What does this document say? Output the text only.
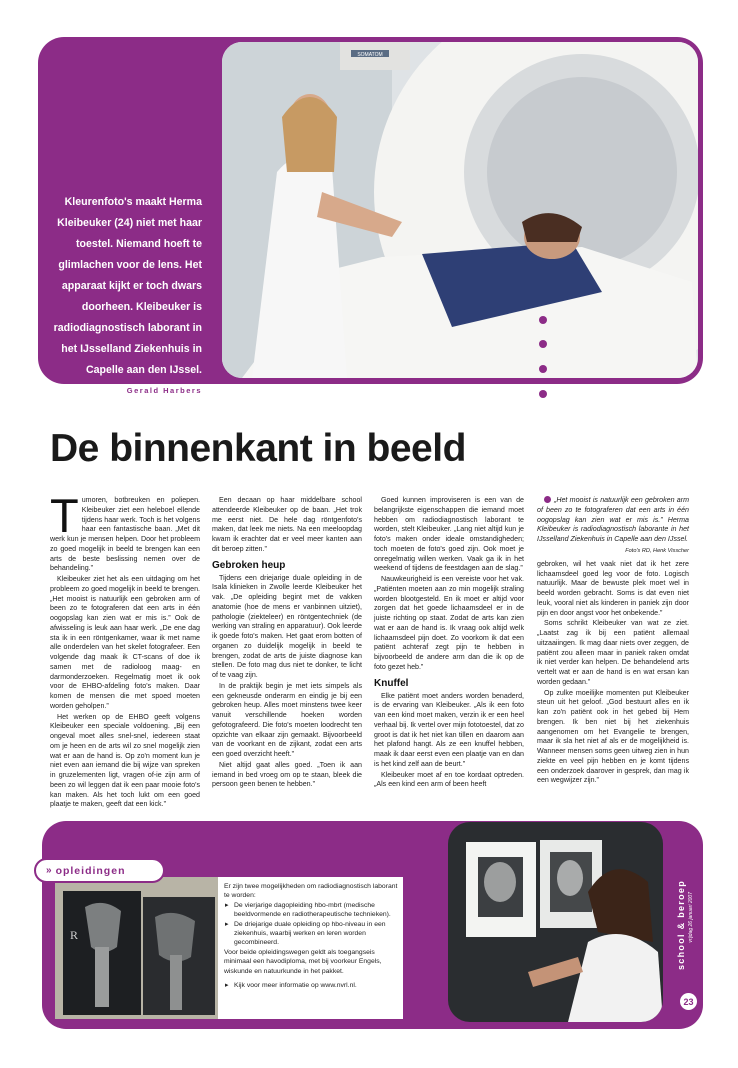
SOMATOM
Kleurenfoto's maakt Herma Kleibeuker (24) niet met haar toestel. Niemand hoeft te glimlachen voor de lens. Het apparaat kijkt er toch dwars doorheen. Kleibeuker is radiodiagnostisch laborant in het IJsselland Ziekenhuis in Capelle aan den IJssel.
Gerald Harbers
De binnenkant in beeld

Tumoren, botbreuken en poliepen. Kleibeuker ziet een heleboel ellende tijdens haar werk. Toch is het volgens haar een fantastische baan. „Met dit werk kun je mensen helpen. Door het probleem zo goed mogelijk in beeld te brengen kan een arts de beste beslissing nemen over de behandeling.”

Kleibeuker ziet het als een uitdaging om het probleem zo goed mogelijk in beeld te brengen. „Het mooist is natuurlijk een gebroken arm of been zo te fotograferen dat een arts in één oogopslag kan zien wat er mis is.” Ook de afwisseling is leuk aan haar werk. „De ene dag sta ik in een röntgenkamer, waar ik met name alle onderdelen van het skelet fotografeer. Een volgende dag maak ik CT-scans of doe ik samen met de radioloog maag- en darmonderzoeken. Regelmatig moet ik ook voor de EHBO-afdeling foto's maken. Daar komen de mensen die met spoed moeten worden geholpen.”

Het werken op de EHBO geeft volgens Kleibeuker een speciale voldoening. „Bij een ongeval moet alles snel-snel, iedereen staat om je heen en de arts wil zo snel mogelijk zien wat er aan de hand is. Op zo'n moment kun je niet even aan iemand die bij wijze van spreken in gruzelementen ligt, vragen of-ie zijn arm of been zo wil leggen dat ik een paar mooie foto's kan maken. Als het toch lukt om een goed plaatje te maken, geeft dat een kick.”

Een decaan op haar middelbare school attendeerde Kleibeuker op de baan. „Het trok me eerst niet. De hele dag röntgenfoto's maken, dat leek me niets. Na een meeloopdag kwam ik erachter dat er veel meer kanten aan dit beroep zitten.”

Gebroken heup

Tijdens een driejarige duale opleiding in de Isala klinieken in Zwolle leerde Kleibeuker het vak. „De opleiding begint met de vakken anatomie (hoe de mens er vanbinnen uitziet), pathologie (ziekteleer) en röntgentechniek (de werking van straling en apparatuur). Ook leerde ik goede foto's maken. Het gaat erom botten of organen zo duidelijk mogelijk in beeld te brengen, zodat de arts de juiste diagnose kan stellen. De foto mag dus niet te donker, te licht of te vaag zijn.

In de praktijk begin je met iets simpels als een gekneusde onderarm en eindig je bij een gebroken heup. Alles moet minstens twee keer vanuit verschillende hoeken worden gefotografeerd. Die foto's moeten loodrecht ten opzichte van elkaar zijn gemaakt. Bijvoorbeeld van de voorkant en de zijkant, zodat een arts een goed overzicht heeft.”

Niet altijd gaat alles goed. „Toen ik aan iemand in bed vroeg om op te staan, bleek die persoon geen benen te hebben.”

Goed kunnen improviseren is een van de belangrijkste eigenschappen die iemand moet hebben om radiodiagnostisch laborant te worden, stelt Kleibeuker. „Lang niet altijd kun je foto's maken onder ideale omstandigheden; toch moeten de foto's goed zijn. Ook moet je onregelmatig willen werken. Vaak ga ik in het weekend of tijdens de feestdagen aan de slag.”

Nauwkeurigheid is een vereiste voor het vak. „Patiënten moeten aan zo min mogelijk straling worden blootgesteld. En ik moet er altijd voor zorgen dat het goede lichaamsdeel er in de juiste richting op staat. Zodat de arts kan zien wat er aan de hand is. Ik vraag ook altijd welk lichaamsdeel pijn doet. Zo voorkom ik dat een patiënt achteraf zegt pijn te hebben in bijvoorbeeld de andere arm dan die ik op de foto gezet heb.”

Knuffel

Elke patiënt moet anders worden benaderd, is de ervaring van Kleibeuker. „Als ik een foto van een kind moet maken, verzin ik er een heel verhaal bij. Ik vertel over mijn fototoestel, dat zo groot is dat ik het niet kan tillen en daarom aan het plafond hangt. Als ze een knuffel hebben, maak ik daar eerst even een plaatje van en dan is het kind zelf aan de beurt.”

Kleibeuker moet af en toe kordaat optreden. „Als een kind een arm of been heeft

„Het mooist is natuurlijk een gebroken arm of been zo te fotograferen dat een arts in één oogopslag kan zien wat er mis is.” Herma Kleibeuker is radiodiagnostisch laborante in het IJsselland Ziekenhuis in Capelle aan den IJssel.

Foto's RD, Henk Visscher

gebroken, wil het vaak niet dat ik het zere lichaamsdeel goed leg voor de foto. Logisch natuurlijk. Maar de bewuste plek moet wel in beeld worden gebracht. Soms is dat even niet leuk, vooral niet als kinderen in paniek zijn door pijn en door angst voor het onbekende.”

Soms schrikt Kleibeuker van wat ze ziet. „Laatst zag ik bij een patiënt allemaal uitzaaiingen. Ik mag daar niets over zeggen, de patiënt zou alleen maar in paniek raken omdat ik niet verder kan helpen. De behandelend arts vertelt wat er aan de hand is en wat ersan kan worden gedaan.”

Op zulke moeilijke momenten put Kleibeuker steun uit het geloof. „God bestuurt alles en ik kan zo'n patiënt ook in het gebed bij Hem brengen. Ik ben niet bij het ziekenhuis aangenomen om het Evangelie te brengen, maar ik sla het niet af als er de mogelijkheid is. Wanneer mensen soms geen uitweg zien in hun ziekte en veel pijn hebben en je komt tijdens een onderzoek daarover in gesprek, dan mag ik een wegwijzer zijn.”

R
» opleidingen
Er zijn twee mogelijkheden om radiodiagnostisch laborant te worden:
▸ De vierjarige dagopleiding hbo-mbrt (medische beeldvormende en radiotherapeutische technieken).
▸ De driejarige duale opleiding op hbo-niveau in een ziekenhuis, waarbij werken en leren worden gecombineerd.
Voor beide opleidingswegen geldt als toegangseis minimaal een havodiploma, met bij voorkeur Engels, wiskunde en natuurkunde in het pakket.
▸ Kijk voor meer informatie op www.nvrl.nl.
school & beroep vrijdag 26 januari 2007
23
